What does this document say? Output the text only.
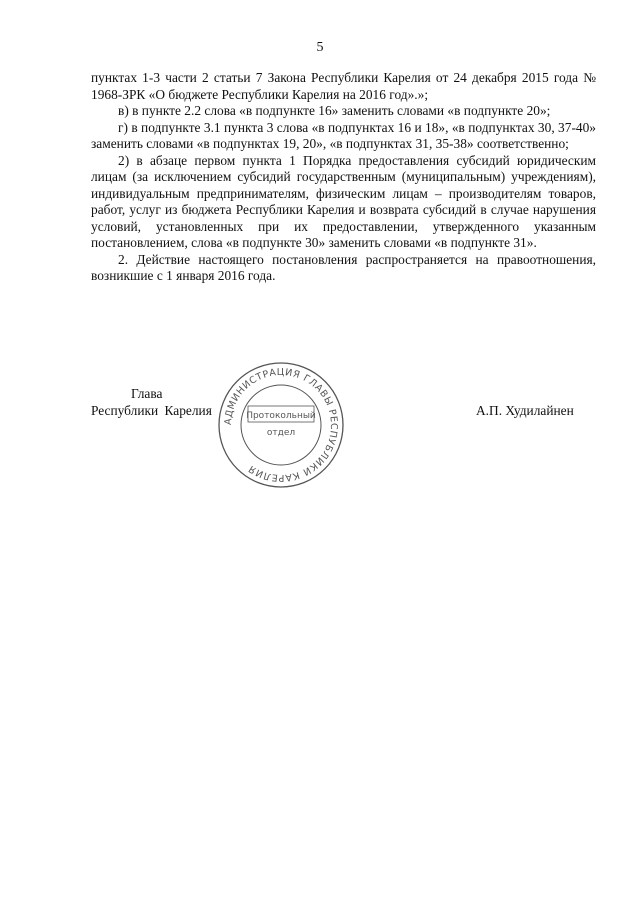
5

пунктах 1-3 части 2 статьи 7 Закона Республики Карелия от 24 декабря 2015 года № 1968-ЗРК «О бюджете Республики Карелия на 2016 год».»;

в) в пункте 2.2 слова «в подпункте 16» заменить словами «в подпункте 20»;

г) в подпункте 3.1 пункта 3 слова «в подпунктах 16 и 18», «в подпунктах 30, 37-40» заменить словами «в подпунктах 19, 20», «в подпунктах 31, 35-38» соответственно;

2) в абзаце первом пункта 1 Порядка предоставления субсидий юридическим лицам (за исключением субсидий государственным (муниципальным) учреждениям), индивидуальным предпринимателям, физическим лицам – производителям товаров, работ, услуг из бюджета Республики Карелия и возврата субсидий в случае нарушения условий, установленных при их предоставлении, утвержденного указанным постановлением, слова «в подпункте 30» заменить словами «в подпункте 31».

2. Действие настоящего постановления распространяется на правоотношения, возникшие с 1 января 2016 года.

Глава
Республики Карелия	А.П. Худилайнен
АДМИНИСТРАЦИЯ ГЛАВЫ РЕСПУБЛИКИ КАРЕЛИЯ
Протокольный
отдел
